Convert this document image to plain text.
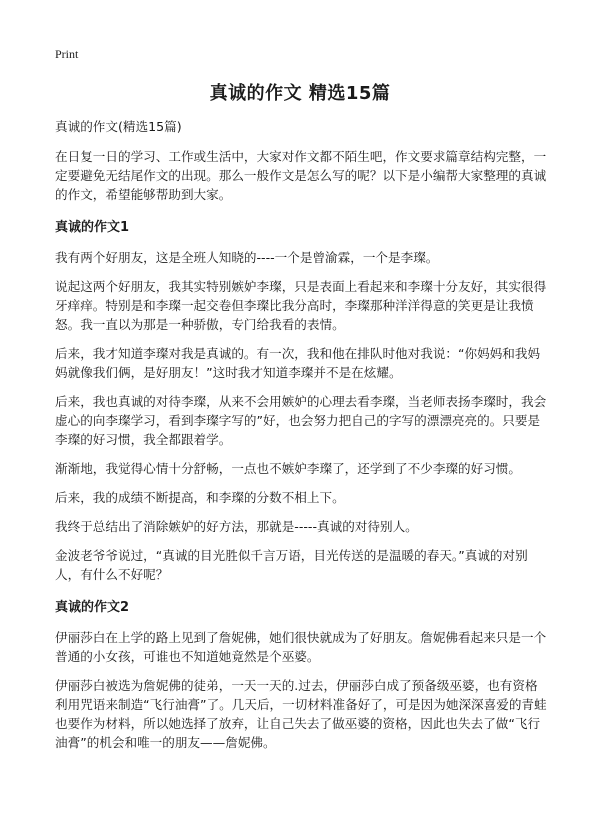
Print
真诚的作文 精选15篇

真诚的作文(精选15篇)

在日复一日的学习、工作或生活中，大家对作文都不陌生吧，作文要求篇章结构完整，一定要避免无结尾作文的出现。那么一般作文是怎么写的呢？以下是小编帮大家整理的真诚的作文，希望能够帮助到大家。

真诚的作文1

我有两个好朋友，这是全班人知晓的----一个是曾渝霖，一个是李璨。

说起这两个好朋友，我其实特别嫉妒李璨，只是表面上看起来和李璨十分友好，其实很得牙痒痒。特别是和李璨一起交卷但李璨比我分高时，李璨那种洋洋得意的笑更是让我愤怒。我一直以为那是一种骄傲，专门给我看的表情。

后来，我才知道李璨对我是真诚的。有一次，我和他在排队时他对我说：“你妈妈和我妈妈就像我们俩，是好朋友！”这时我才知道李璨并不是在炫耀。

后来，我也真诚的对待李璨，从来不会用嫉妒的心理去看李璨，当老师表扬李璨时，我会虚心的向李璨学习，看到李璨字写的”好，也会努力把自己的字写的漂漂亮亮的。只要是李璨的好习惯，我全都跟着学。

渐渐地，我觉得心情十分舒畅，一点也不嫉妒李璨了，还学到了不少李璨的好习惯。

后来，我的成绩不断提高，和李璨的分数不相上下。

我终于总结出了消除嫉妒的好方法，那就是-----真诚的对待别人。

金波老爷爷说过，“真诚的目光胜似千言万语，目光传送的是温暖的春天。”真诚的对别人，有什么不好呢？

真诚的作文2

伊丽莎白在上学的路上见到了詹妮佛，她们很快就成为了好朋友。詹妮佛看起来只是一个普通的小女孩，可谁也不知道她竟然是个巫婆。

伊丽莎白被选为詹妮佛的徒弟，一天一天的.过去，伊丽莎白成了预备级巫婆，也有资格利用咒语来制造“飞行油膏”了。几天后，一切材料准备好了，可是因为她深深喜爱的青蛙也要作为材料，所以她选择了放弃，让自己失去了做巫婆的资格，因此也失去了做“飞行油膏”的机会和唯一的朋友——詹妮佛。
